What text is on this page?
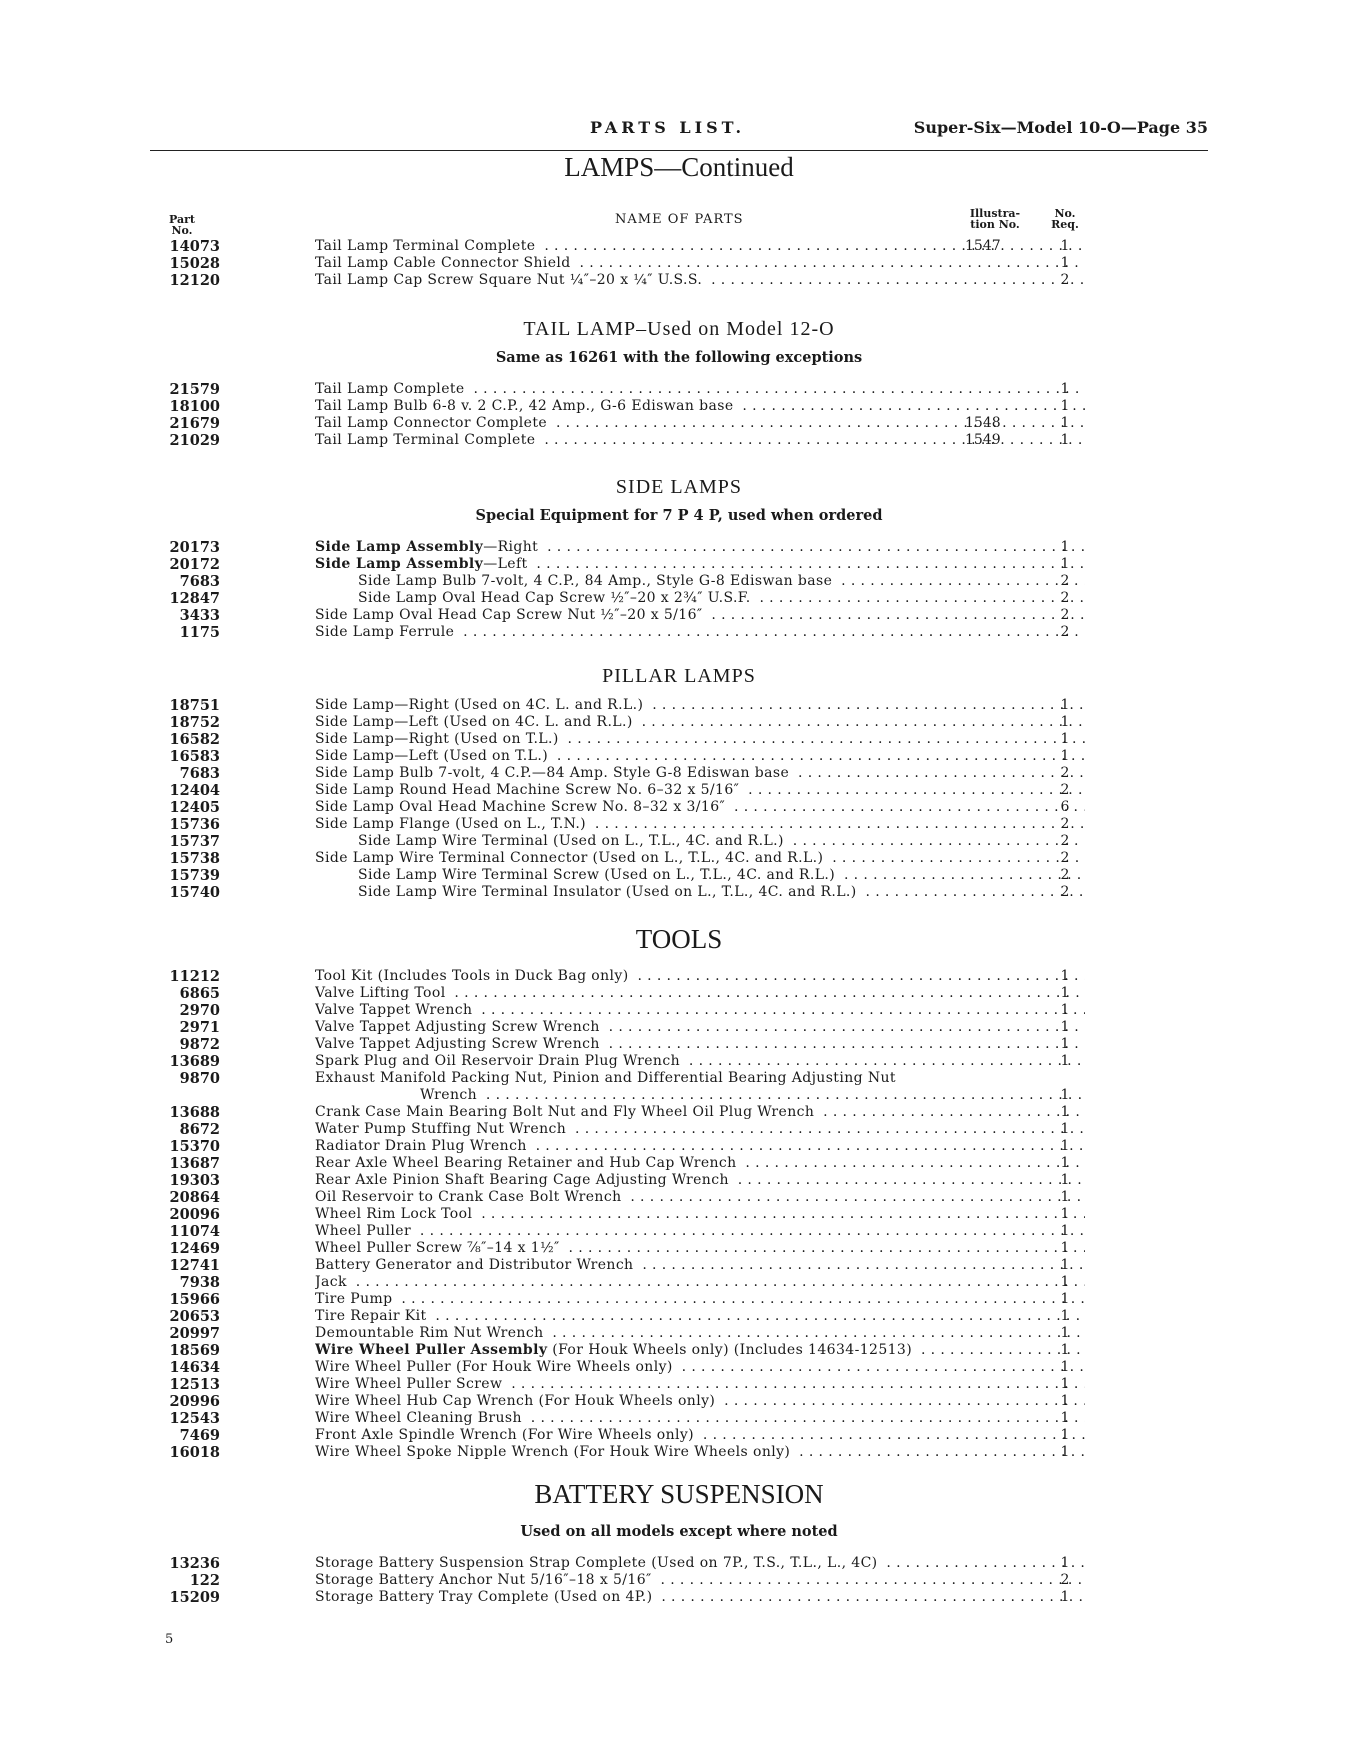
PARTS LIST.	Super-Six—Model 10-O—Page 35
Part
No.
NAME OF PARTS	Illustra-
tion No.
No.
Req.
LAMPS—Continued
14073	Tail Lamp Terminal Complete . . .	1547	1
15028	Tail Lamp Cable Connector Shield . . .	1
12120	Tail Lamp Cap Screw Square Nut ¼″–20 x ¼″ U.S.S. . . .	2
TAIL LAMP–Used on Model 12-O
Same as 16261 with the following exceptions
21579	Tail Lamp Complete . . .	1
18100	Tail Lamp Bulb 6-8 v. 2 C.P., 42 Amp., G-6 Ediswan base . . .	1
21679	Tail Lamp Connector Complete . . .	1548	1
21029	Tail Lamp Terminal Complete . . .	1549	1
SIDE LAMPS
Special Equipment for 7 P 4 P, used when ordered
20173	Side Lamp Assembly—Right . . .	1
20172	Side Lamp Assembly—Left . . .	1
7683	Side Lamp Bulb 7-volt, 4 C.P., 84 Amp., Style G-8 Ediswan base . . .	2
12847	Side Lamp Oval Head Cap Screw ½″–20 x 2¾″ U.S.F. . . .	2
3433	Side Lamp Oval Head Cap Screw Nut ½″–20 x 5/16″ . . .	2
1175	Side Lamp Ferrule . . .	2
PILLAR LAMPS
18751	Side Lamp—Right (Used on 4C. L. and R.L.) . . .	1
18752	Side Lamp—Left (Used on 4C. L. and R.L.) . . .	1
16582	Side Lamp—Right (Used on T.L.) . . .	1
16583	Side Lamp—Left (Used on T.L.) . . .	1
7683	Side Lamp Bulb 7-volt, 4 C.P.—84 Amp. Style G-8 Ediswan base . . .	2
12404	Side Lamp Round Head Machine Screw No. 6–32 x 5/16″ . . .	2
12405	Side Lamp Oval Head Machine Screw No. 8–32 x 3/16″ . . .	6
15736	Side Lamp Flange (Used on L., T.N.) . . .	2
15737	Side Lamp Wire Terminal (Used on L., T.L., 4C. and R.L.) . . .	2
15738	Side Lamp Wire Terminal Connector (Used on L., T.L., 4C. and R.L.) . . .	2
15739	Side Lamp Wire Terminal Screw (Used on L., T.L., 4C. and R.L.) . . .	2
15740	Side Lamp Wire Terminal Insulator (Used on L., T.L., 4C. and R.L.) . . .	2
TOOLS
11212	Tool Kit (Includes Tools in Duck Bag only) . . .	1
6865	Valve Lifting Tool . . .	1
2970	Valve Tappet Wrench . . .	1
2971	Valve Tappet Adjusting Screw Wrench . . .	1
9872	Valve Tappet Adjusting Screw Wrench . . .	1
13689	Spark Plug and Oil Reservoir Drain Plug Wrench . . .	1
9870	Exhaust Manifold Packing Nut, Pinion and Differential Bearing Adjusting Nut
Wrench . . .	1
13688	Crank Case Main Bearing Bolt Nut and Fly Wheel Oil Plug Wrench . . .	1
8672	Water Pump Stuffing Nut Wrench . . .	1
15370	Radiator Drain Plug Wrench . . .	1
13687	Rear Axle Wheel Bearing Retainer and Hub Cap Wrench . . .	1
19303	Rear Axle Pinion Shaft Bearing Cage Adjusting Wrench . . .	1
20864	Oil Reservoir to Crank Case Bolt Wrench . . .	1
20096	Wheel Rim Lock Tool . . .	1
11074	Wheel Puller . . .	1
12469	Wheel Puller Screw ⅞″–14 x 1½″ . . .	1
12741	Battery Generator and Distributor Wrench . . .	1
7938	Jack . . .	1
15966	Tire Pump . . .	1
20653	Tire Repair Kit . . .	1
20997	Demountable Rim Nut Wrench . . .	1
18569	Wire Wheel Puller Assembly (For Houk Wheels only) (Includes 14634-12513) . . .	1
14634	Wire Wheel Puller (For Houk Wire Wheels only) . . .	1
12513	Wire Wheel Puller Screw . . .	1
20996	Wire Wheel Hub Cap Wrench (For Houk Wheels only) . . .	1
12543	Wire Wheel Cleaning Brush . . .	1
7469	Front Axle Spindle Wrench (For Wire Wheels only) . . .	1
16018	Wire Wheel Spoke Nipple Wrench (For Houk Wire Wheels only) . . .	1
BATTERY SUSPENSION
Used on all models except where noted
13236	Storage Battery Suspension Strap Complete (Used on 7P., T.S., T.L., L., 4C) . . .	1
122	Storage Battery Anchor Nut 5/16″–18 x 5/16″ . . .	2
15209	Storage Battery Tray Complete (Used on 4P.) . . .	1
5
